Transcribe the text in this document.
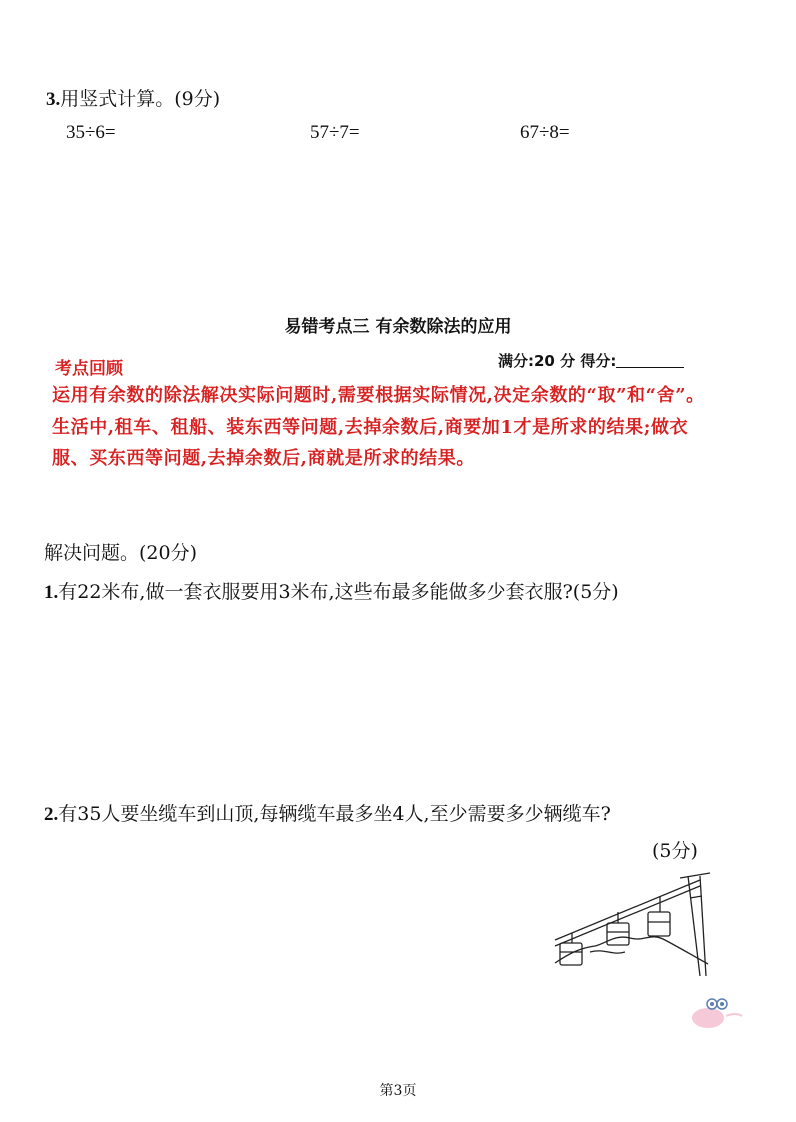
3.用竖式计算。(9分)
35÷6=	57÷7=	67÷8=
易错考点三 有余数除法的应用
考点回顾	满分:20 分 得分:
运用有余数的除法解决实际问题时,需要根据实际情况,决定余数的“取”和“舍”。生活中,租车、租船、装东西等问题,去掉余数后,商要加1才是所求的结果;做衣服、买东西等问题,去掉余数后,商就是所求的结果。
解决问题。(20分)
1.有22米布,做一套衣服要用3米布,这些布最多能做多少套衣服?(5分)
2.有35人要坐缆车到山顶,每辆缆车最多坐4人,至少需要多少辆缆车?
(5分)
第3页
